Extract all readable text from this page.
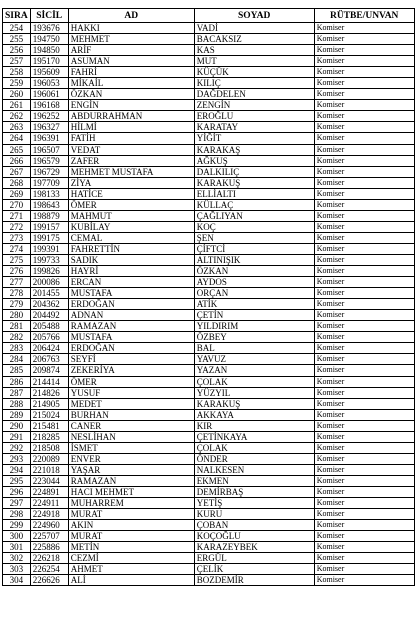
SIRA	SİCİL	AD	SOYAD	RÜTBE/UNVAN
254	193676	HAKKI	VADİ	Komiser
255	194750	MEHMET	BACAKSIZ	Komiser
256	194850	ARİF	KAS	Komiser
257	195170	ASUMAN	MUT	Komiser
258	195609	FAHRİ	KÜÇÜK	Komiser
259	196053	MİKAİL	KILIÇ	Komiser
260	196061	ÖZKAN	DAĞDELEN	Komiser
261	196168	ENGİN	ZENGİN	Komiser
262	196252	ABDURRAHMAN	EROĞLU	Komiser
263	196327	HİLMİ	KARATAY	Komiser
264	196391	FATİH	YİĞİT	Komiser
265	196507	VEDAT	KARAKAŞ	Komiser
266	196579	ZAFER	AĞKUŞ	Komiser
267	196729	MEHMET MUSTAFA	DALKILIÇ	Komiser
268	197709	ZİYA	KARAKUŞ	Komiser
269	198133	HATİCE	ELLİALTI	Komiser
270	198643	ÖMER	KÜLLAÇ	Komiser
271	198879	MAHMUT	ÇAĞLIYAN	Komiser
272	199157	KUBİLAY	KOÇ	Komiser
273	199175	CEMAL	ŞEN	Komiser
274	199391	FAHRETTİN	ÇİFTCİ	Komiser
275	199733	SADIK	ALTINIŞIK	Komiser
276	199826	HAYRİ	ÖZKAN	Komiser
277	200086	ERCAN	AYDOS	Komiser
278	201455	MUSTAFA	ORÇAN	Komiser
279	204362	ERDOĞAN	ATİK	Komiser
280	204492	ADNAN	ÇETİN	Komiser
281	205488	RAMAZAN	YILDIRIM	Komiser
282	205766	MUSTAFA	ÖZBEY	Komiser
283	206424	ERDOĞAN	BAL	Komiser
284	206763	SEYFİ	YAVUZ	Komiser
285	209874	ZEKERİYA	YAZAN	Komiser
286	214414	ÖMER	ÇOLAK	Komiser
287	214826	YUSUF	YÜZYIL	Komiser
288	214905	MEDET	KARAKUŞ	Komiser
289	215024	BURHAN	AKKAYA	Komiser
290	215481	CANER	KIR	Komiser
291	218285	NESLİHAN	ÇETİNKAYA	Komiser
292	218508	İSMET	ÇOLAK	Komiser
293	220089	ENVER	ÖNDER	Komiser
294	221018	YAŞAR	NALKESEN	Komiser
295	223044	RAMAZAN	EKMEN	Komiser
296	224891	HACI MEHMET	DEMİRBAŞ	Komiser
297	224911	MUHARREM	YETİŞ	Komiser
298	224918	MURAT	KURU	Komiser
299	224960	AKIN	ÇOBAN	Komiser
300	225707	MURAT	KOÇOĞLU	Komiser
301	225886	METİN	KARAZEYBEK	Komiser
302	226218	CEZMİ	ERGÜL	Komiser
303	226254	AHMET	ÇELİK	Komiser
304	226626	ALİ	BOZDEMİR	Komiser
